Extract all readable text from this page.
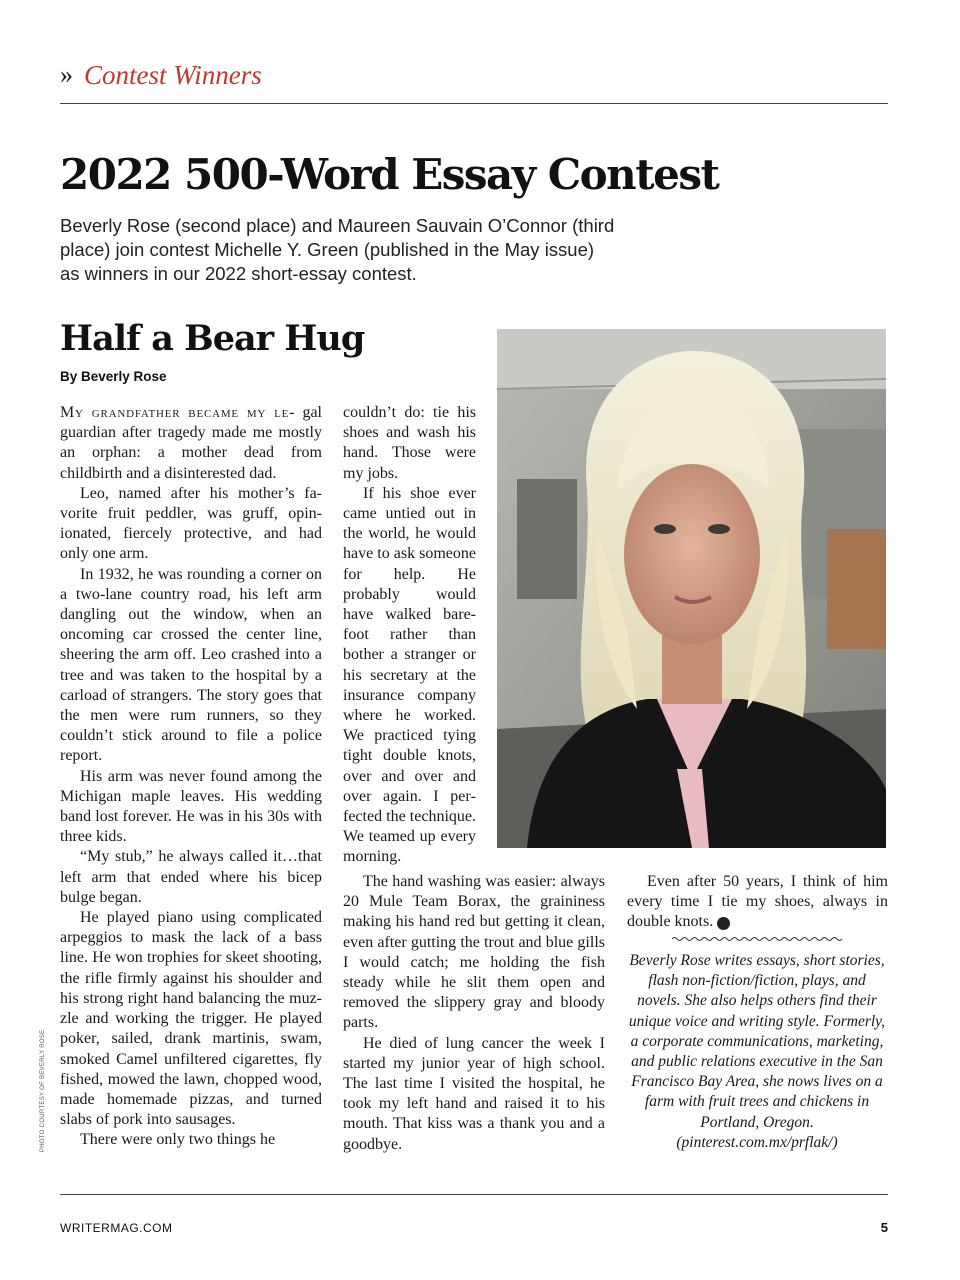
» Contest Winners
2022 500-Word Essay Contest
Beverly Rose (second place) and Maureen Sauvain O’Connor (third
place) join contest Michelle Y. Green (published in the May issue)
as winners in our 2022 short-essay contest.
Half a Bear Hug
By Beverly Rose

My grandfather became my le- gal guardian after tragedy made me mostly an orphan: a mother dead from childbirth and a disinterested dad.

Leo, named after his mother’s favorite fruit peddler, was gruff, opinionated, fiercely protective, and had only one arm.

In 1932, he was rounding a corner on a two-lane country road, his left arm dangling out the window, when an oncoming car crossed the center line, sheering the arm off. Leo crashed into a tree and was taken to the hospital by a carload of strangers. The story goes that the men were rum runners, so they couldn’t stick around to file a police report.

His arm was never found among the Michigan maple leaves. His wedding band lost forever. He was in his 30s with three kids.

“My stub,” he always called it…that left arm that ended where his bicep bulge began.

He played piano using complicated arpeggios to mask the lack of a bass line. He won trophies for skeet shooting, the rifle firmly against his shoulder and his strong right hand balancing the muzzle and working the trigger. He played poker, sailed, drank martinis, swam, smoked Camel unfiltered cigarettes, fly fished, mowed the lawn, chopped wood, made homemade pizzas, and turned slabs of pork into sausages.

There were only two things he

couldn’t do: tie his shoes and wash his hand. Those were my jobs.

If his shoe ever came untied out in the world, he would have to ask someone for help. He probably would have walked barefoot rather than bother a stranger or his secretary at the insurance company where he worked. We practiced tying tight double knots, over and over and over again. I perfected the technique. We teamed up every morning.

The hand washing was easier: always 20 Mule Team Borax, the graininess making his hand red but getting it clean, even after gutting the trout and blue gills I would catch; me holding the fish steady while he slit them open and removed the slippery gray and bloody parts.

He died of lung cancer the week I started my junior year of high school. The last time I visited the hospital, he took my left hand and raised it to his mouth. That kiss was a thank you and a goodbye.

Even after 50 years, I think of him every time I tie my shoes, always in double knots.	W

Beverly Rose writes essays, short stories, flash non-fiction/fiction, plays, and novels. She also helps others find their unique voice and writing style. Formerly, a corporate communications, marketing, and public relations executive in the San Francisco Bay Area, she nows lives on a farm with fruit trees and chickens in Portland, Oregon. (pinterest.com.mx/prflak/)

PHOTO COURTESY OF BEVERLY ROSE
WRITERMAG.COM	5
